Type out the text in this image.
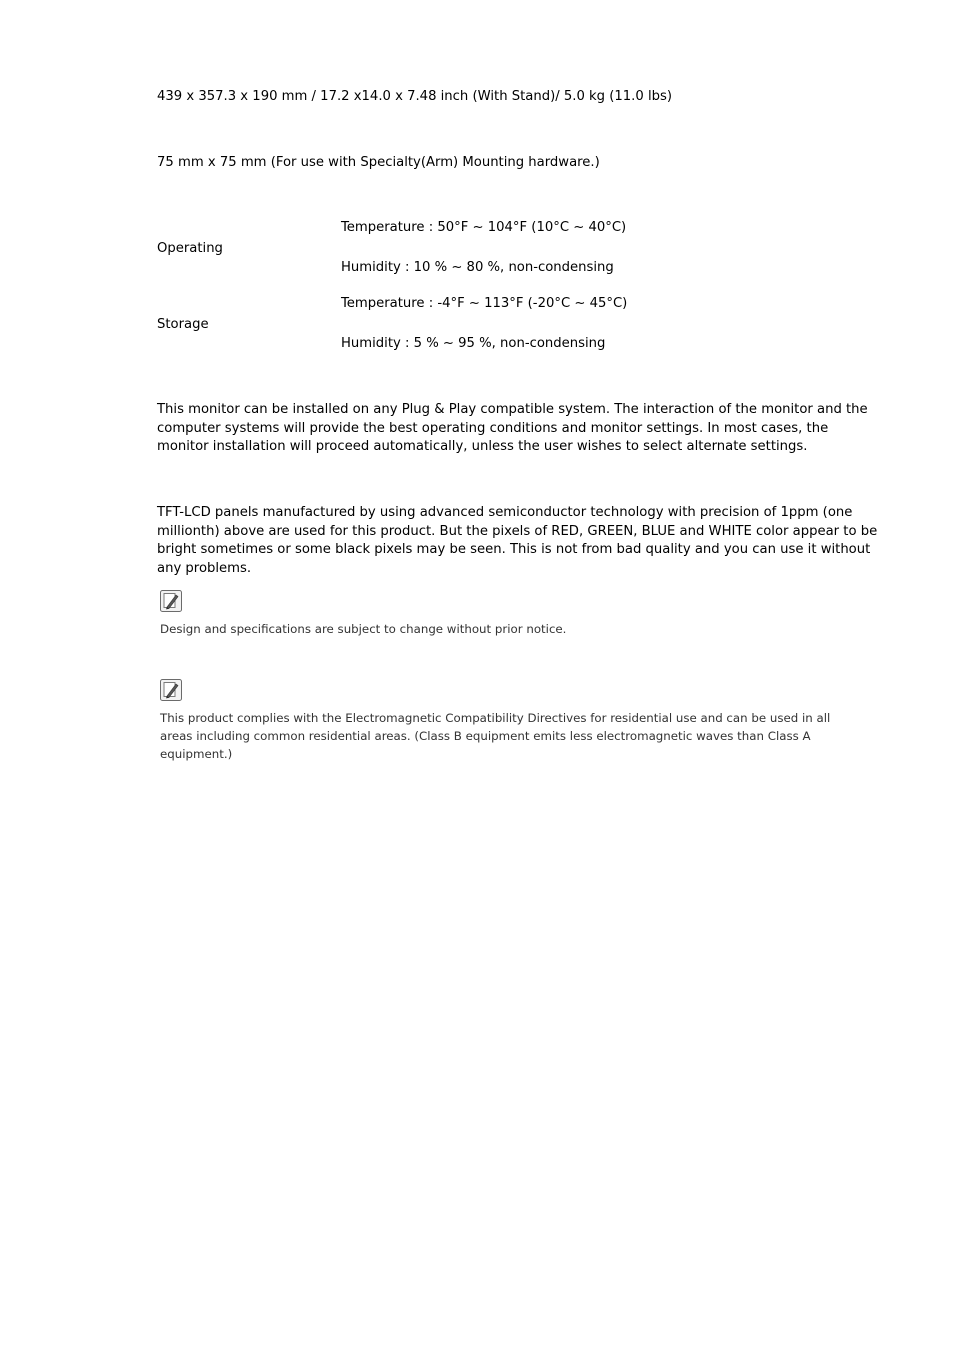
439 x 357.3 x 190 mm / 17.2 x14.0 x 7.48 inch (With Stand)/ 5.0 kg (11.0 lbs)
75 mm x 75 mm (For use with Specialty(Arm) Mounting hardware.)
Operating
Temperature : 50°F ~ 104°F (10°C ~ 40°C)
Humidity : 10 % ~ 80 %, non-condensing
Storage
Temperature : -4°F ~ 113°F (-20°C ~ 45°C)
Humidity : 5 % ~ 95 %, non-condensing
This monitor can be installed on any Plug & Play compatible system. The interaction of the monitor and the computer systems will provide the best operating conditions and monitor settings. In most cases, the monitor installation will proceed automatically, unless the user wishes to select alternate settings.
TFT-LCD panels manufactured by using advanced semiconductor technology with precision of 1ppm (one millionth) above are used for this product. But the pixels of RED, GREEN, BLUE and WHITE color appear to be bright sometimes or some black pixels may be seen. This is not from bad quality and you can use it without any problems.
Design and specifications are subject to change without prior notice.
This product complies with the Electromagnetic Compatibility Directives for residential use and can be used in all areas including common residential areas. (Class B equipment emits less electromagnetic waves than Class A equipment.)
